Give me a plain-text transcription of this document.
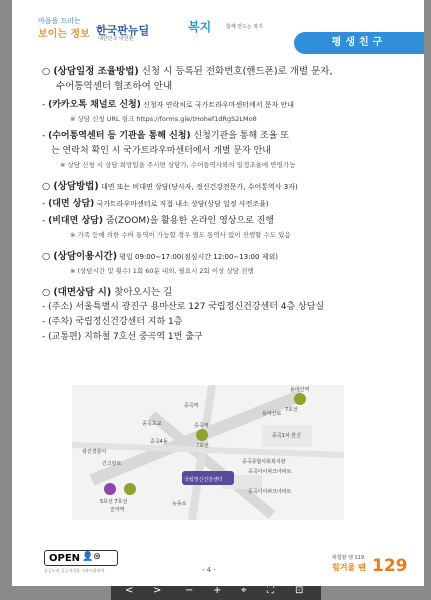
마음을 드리는
보이는 정보 한국판뉴딜
대한민국 대전환
복지	함께 만드는 복지
평생친구
○ (상담일정 조율방법) 신청 시 등록된 전화번호(핸드폰)로 개별 문자,
수어통역센터 협조하여 안내
- (카카오톡 채널로 신청) 신청자 연락처로 국가트라우마센터에서 문자 안내
※ 상담 신청 URL 링크 https://forms.gle/tHohef1dRgS2LMo8
- (수어통역센터 등 기관을 통해 신청) 신청기관을 통해 조율 또
는 연락처 확인 시 국가트라우마센터에서 개별 문자 안내
※ 상담 신청 시 상담 희망일을 주시면 상담가, 수어통역사와의 일정조율에 반영가능
○ (상담방법) 대면 또는 비대면 상담(당사자, 정신건강전문가, 수어통역사 3자)
- (대면 상담) 국가트라우마센터로 직접 내소 상담(상담 일정 사전조율)
- (비대면 상담) 줌(ZOOM)을 활용한 온라인 영상으로 진행
※ 가족 등에 의한 수어 통역이 가능할 경우 별도 통역사 없이 진행할 수도 있음
○ (상담이용시간) 평일 09:00∼17:00(점심시간 12:00∼13:00 제외)
※ (상담시간 및 횟수) 1회 60분 내외, 필요시 2회 이상 상담 진행
○ (대면상담 시) 찾아오시는 길
- (주소) 서울특별시 광진구 용마산로 127 국립정신건강센터 4층 상담실
- (주차) 국립정신건강센터 지하 1층
- (교통편) 지하철 7호선 중곡역 1번 출구
용마산역
7호선
중곡역
용마산로
중곡1차 한신
중곡역
7호선
중곡초교
중곡4동
긴고랑로
능동로
국립정신건강센터
광진경찰서
5호선 7호선
군자역
중곡종합사회복지관
중곡아이파크아파트
중곡아이파크아파트
OPEN 👤⊜
공공누리 공공저작물 자유이용허락	- 4 -
위험할 땐 119
힘겨울 땐 129
< > − + ⌖ ⛶ ⊡
